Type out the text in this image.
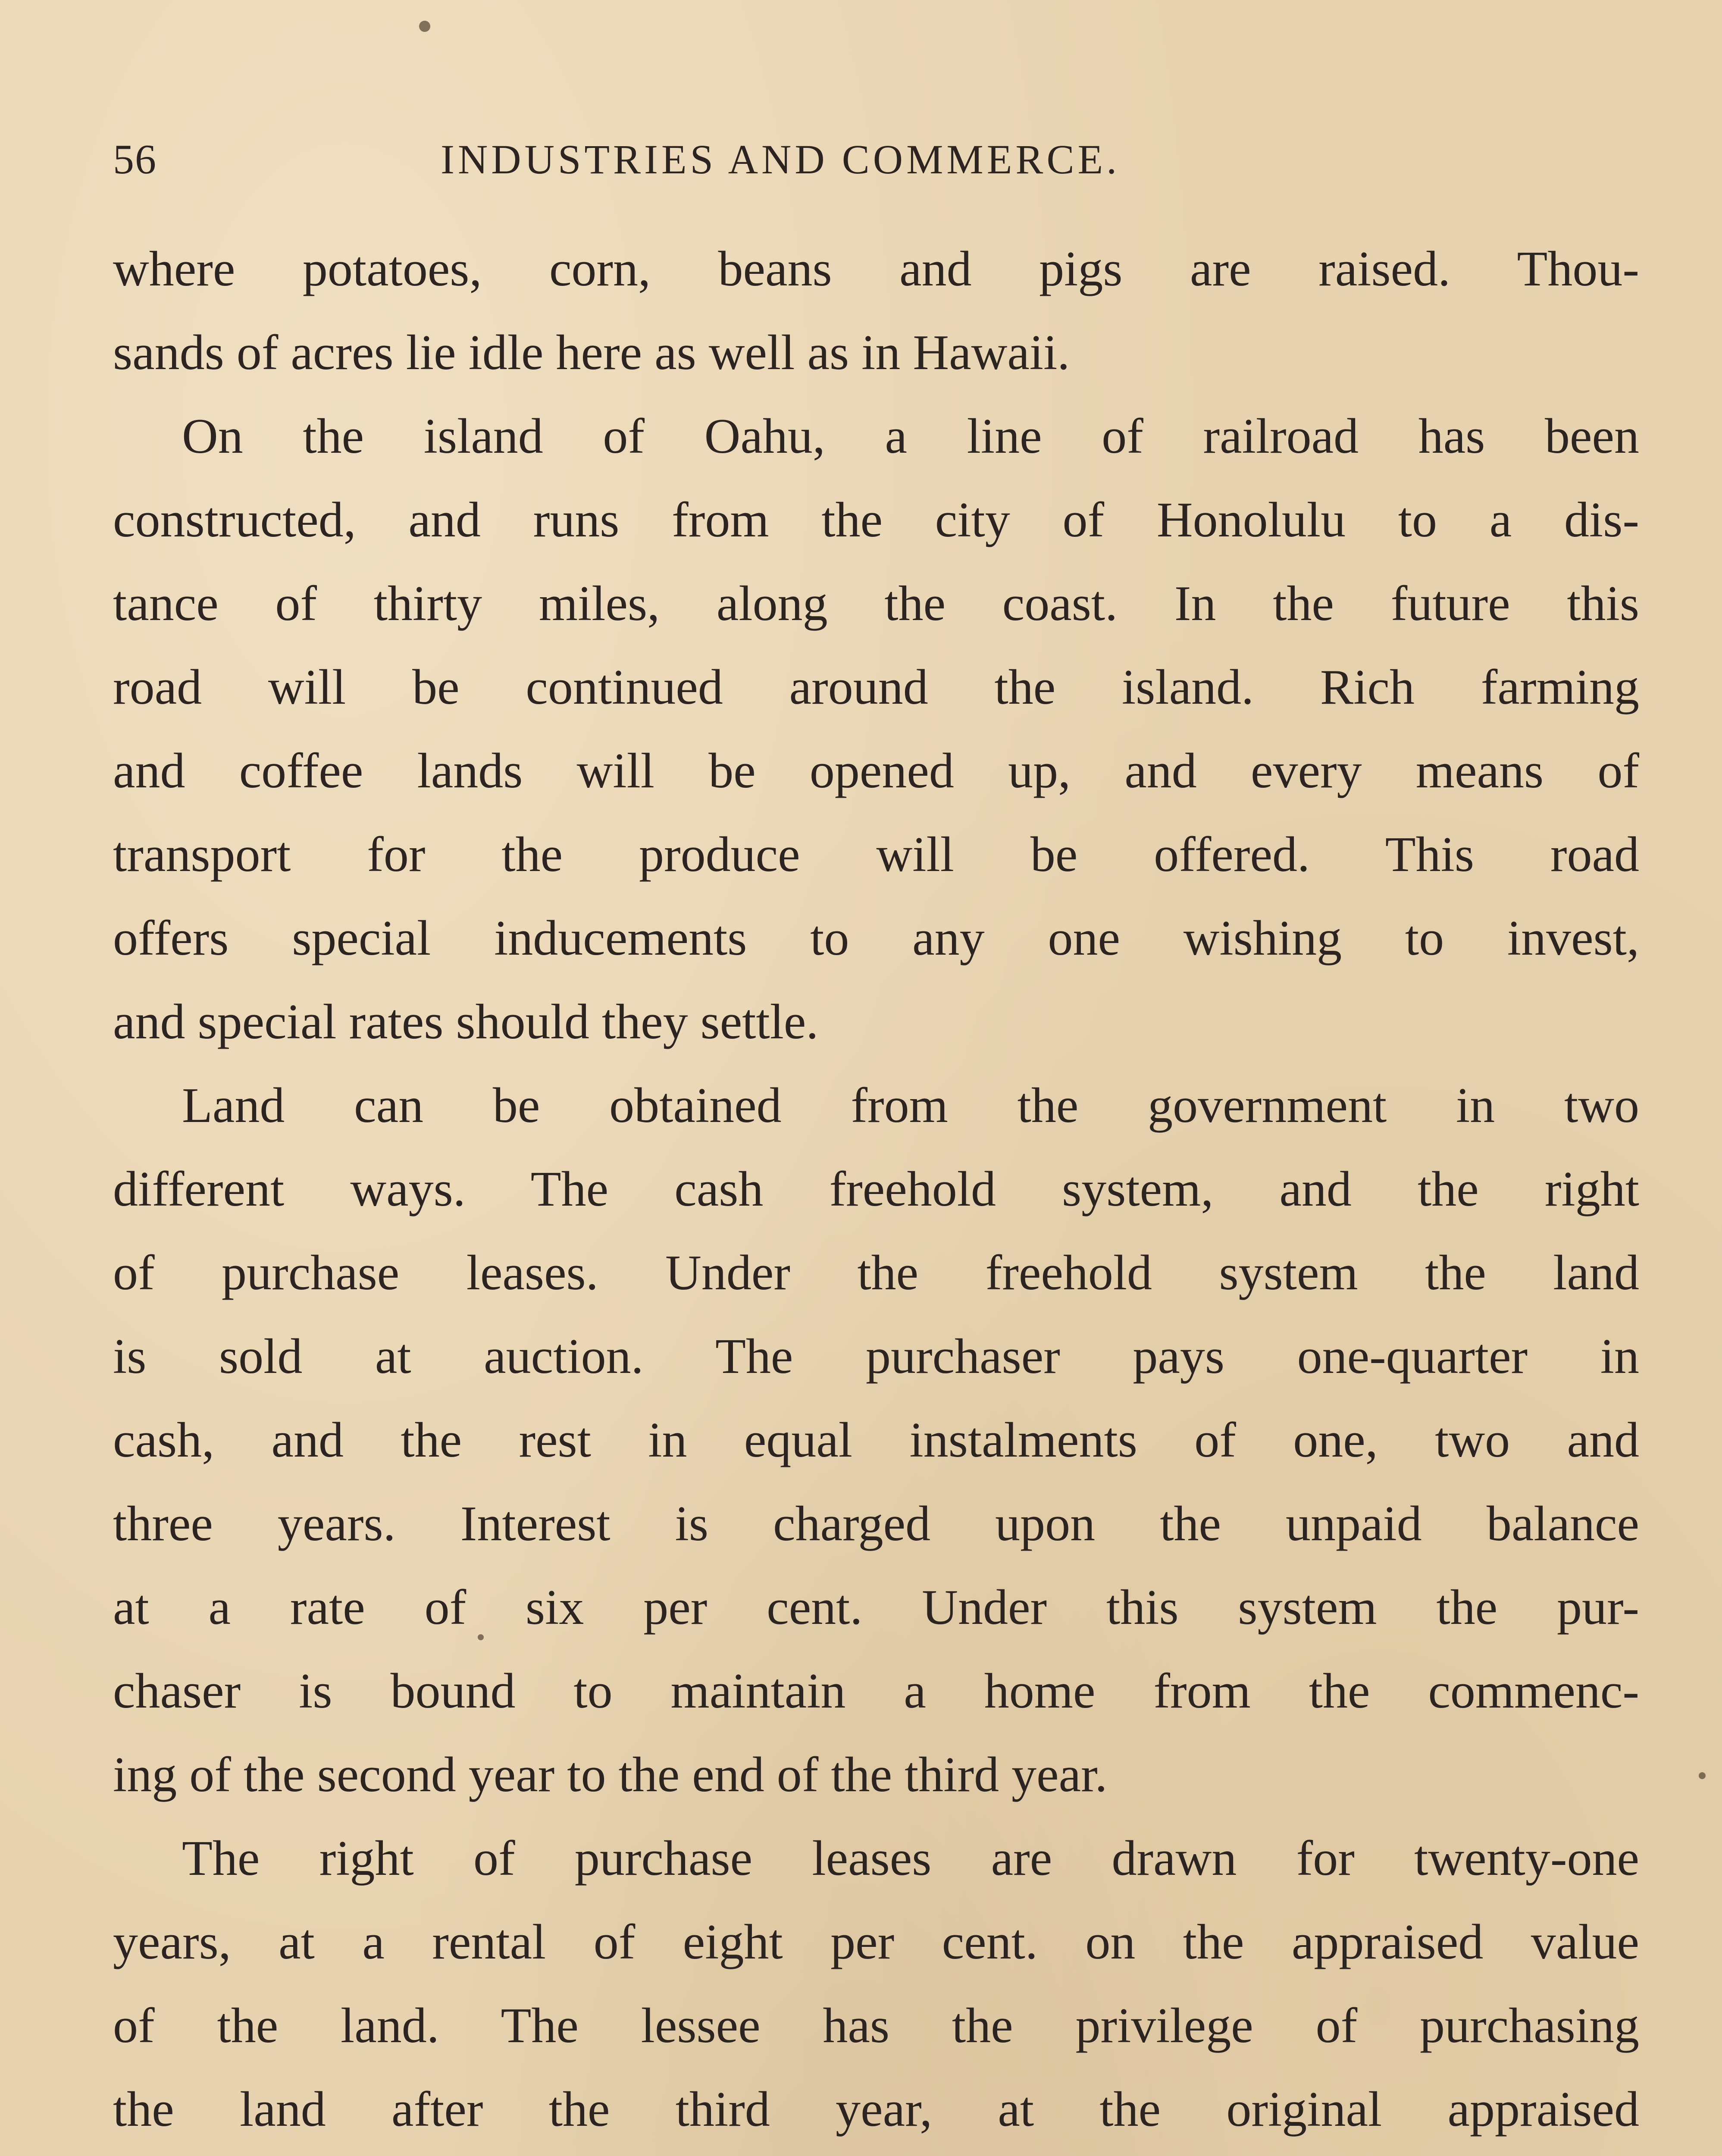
56	INDUSTRIES AND COMMERCE.
where potatoes, corn, beans and pigs are raised. Thou-
sands of acres lie idle here as well as in Hawaii.
On the island of Oahu, a line of railroad has been
constructed, and runs from the city of Honolulu to a dis-
tance of thirty miles, along the coast. In the future this
road will be continued around the island. Rich farming
and coffee lands will be opened up, and every means of
transport for the produce will be offered. This road
offers special inducements to any one wishing to invest,
and special rates should they settle.
Land can be obtained from the government in two
different ways. The cash freehold system, and the right
of purchase leases. Under the freehold system the land
is sold at auction. The purchaser pays one-quarter in
cash, and the rest in equal instalments of one, two and
three years. Interest is charged upon the unpaid balance
at a rate of six per cent. Under this system the pur-
chaser is bound to maintain a home from the commenc-
ing of the second year to the end of the third year.
The right of purchase leases are drawn for twenty-one
years, at a rental of eight per cent. on the appraised value
of the land. The lessee has the privilege of purchasing
the land after the third year, at the original appraised
